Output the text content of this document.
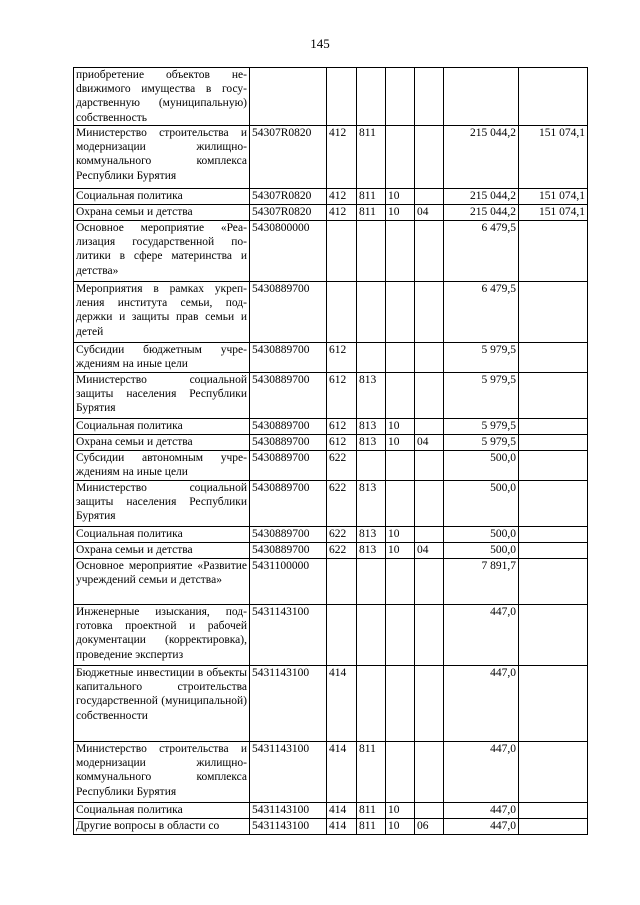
145
приобретение объектов неdвижимого имущества в государственную (муниципальную) собственность							
Министерство строительства и модернизации жилищно-коммунального комплекса Республики Бурятия	54307R0820	412	811			215 044,2	151 074,1
Социальная политика	54307R0820	412	811	10		215 044,2	151 074,1
Охрана семьи и детства	54307R0820	412	811	10	04	215 044,2	151 074,1
Основное мероприятие «Реализация государственной политики в сфере материнства и детства»	5430800000					6 479,5	
Мероприятия в рамках укрепления института семьи, поддержки и защиты прав семьи и детей	5430889700					6 479,5	
Субсидии бюджетным учреждениям на иные цели	5430889700	612				5 979,5	
Министерство социальной защиты населения Республики Бурятия	5430889700	612	813			5 979,5	
Социальная политика	5430889700	612	813	10		5 979,5	
Охрана семьи и детства	5430889700	612	813	10	04	5 979,5	
Субсидии автономным учреждениям на иные цели	5430889700	622				500,0	
Министерство социальной защиты населения Республики Бурятия	5430889700	622	813			500,0	
Социальная политика	5430889700	622	813	10		500,0	
Охрана семьи и детства	5430889700	622	813	10	04	500,0	
Основное мероприятие «Развитие учреждений семьи и детства»	5431100000					7 891,7	
Инженерные изыскания, подготовка проектной и рабочей документации (корректировка), проведение экспертиз	5431143100					447,0	
Бюджетные инвестиции в объекты капитального строительства государственной (муниципальной) собственности	5431143100	414				447,0	
Министерство строительства и модернизации жилищно-коммунального комплекса Республики Бурятия	5431143100	414	811			447,0	
Социальная политика	5431143100	414	811	10		447,0	
Другие вопросы в области со	5431143100	414	811	10	06	447,0	
